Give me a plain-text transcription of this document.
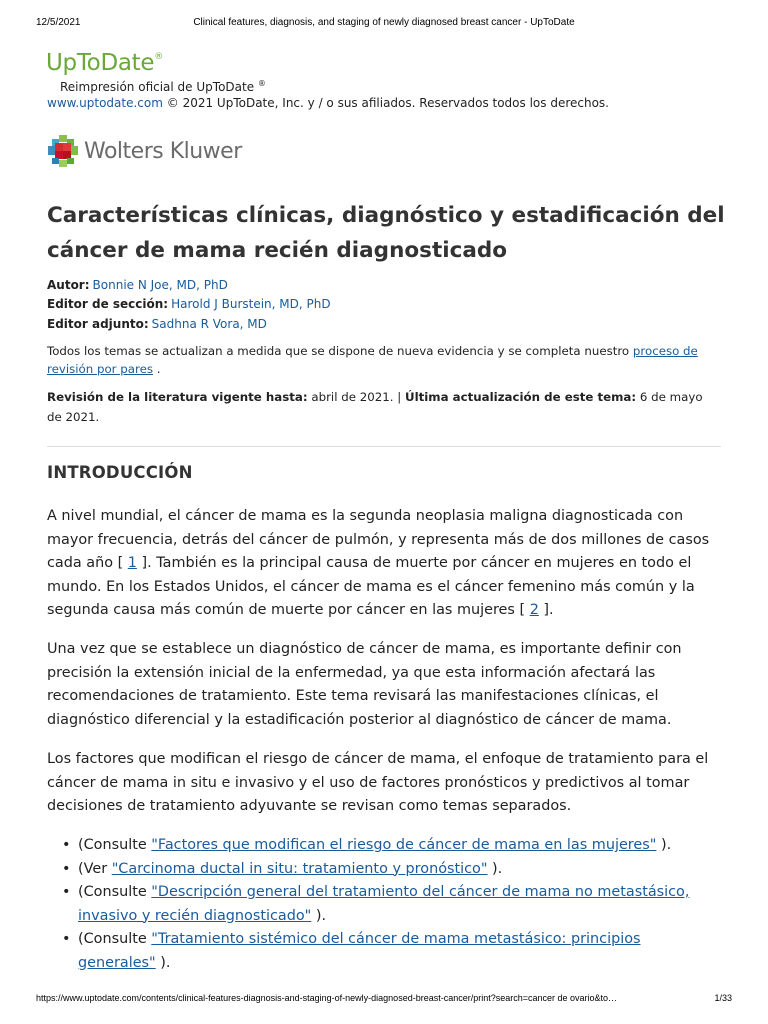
12/5/2021	Clinical features, diagnosis, and staging of newly diagnosed breast cancer - UpToDate
UpToDate®
Reimpresión oficial de UpToDate ®
www.uptodate.com © 2021 UpToDate, Inc. y / o sus afiliados. Reservados todos los derechos.
Wolters Kluwer
Características clínicas, diagnóstico y estadificación del cáncer de mama recién diagnosticado
Autor: Bonnie N Joe, MD, PhD
Editor de sección: Harold J Burstein, MD, PhD
Editor adjunto: Sadhna R Vora, MD

Todos los temas se actualizan a medida que se dispone de nueva evidencia y se completa nuestro proceso de revisión por pares .

Revisión de la literatura vigente hasta: abril de 2021. | Última actualización de este tema: 6 de mayo de 2021.

INTRODUCCIÓN

A nivel mundial, el cáncer de mama es la segunda neoplasia maligna diagnosticada con mayor frecuencia, detrás del cáncer de pulmón, y representa más de dos millones de casos cada año [ 1 ]. También es la principal causa de muerte por cáncer en mujeres en todo el mundo. En los Estados Unidos, el cáncer de mama es el cáncer femenino más común y la segunda causa más común de muerte por cáncer en las mujeres [ 2 ].

Una vez que se establece un diagnóstico de cáncer de mama, es importante definir con precisión la extensión inicial de la enfermedad, ya que esta información afectará las recomendaciones de tratamiento. Este tema revisará las manifestaciones clínicas, el diagnóstico diferencial y la estadificación posterior al diagnóstico de cáncer de mama.

Los factores que modifican el riesgo de cáncer de mama, el enfoque de tratamiento para el cáncer de mama in situ e invasivo y el uso de factores pronósticos y predictivos al tomar decisiones de tratamiento adyuvante se revisan como temas separados.

• (Consulte "Factores que modifican el riesgo de cáncer de mama en las mujeres" ).
• (Ver "Carcinoma ductal in situ: tratamiento y pronóstico" ).
• (Consulte "Descripción general del tratamiento del cáncer de mama no metastásico, invasivo y recién diagnosticado" ).
• (Consulte "Tratamiento sistémico del cáncer de mama metastásico: principios generales" ).
https://www.uptodate.com/contents/clinical-features-diagnosis-and-staging-of-newly-diagnosed-breast-cancer/print?search=cancer de ovario&to…	1/33
